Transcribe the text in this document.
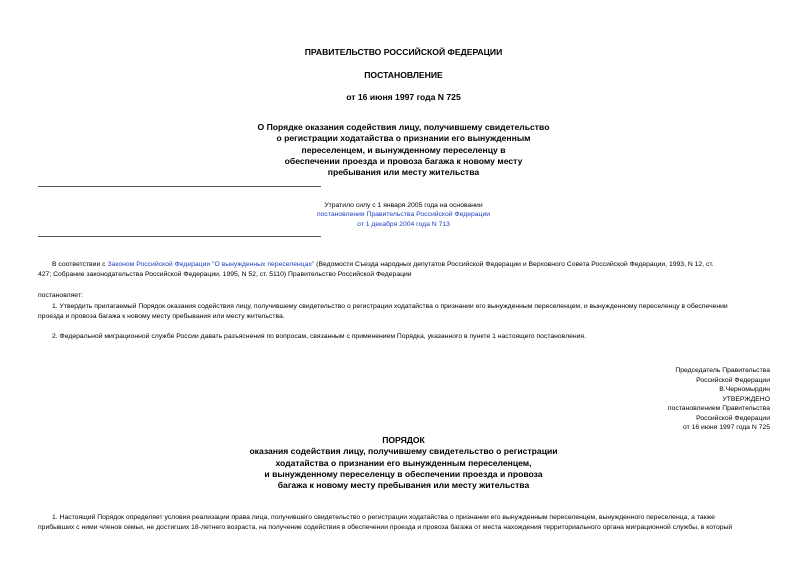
ПРАВИТЕЛЬСТВО РОССИЙСКОЙ ФЕДЕРАЦИИ
ПОСТАНОВЛЕНИЕ
от 16 июня 1997 года N 725
О Порядке оказания содействия лицу, получившему свидетельство
о регистрации ходатайства о признании его вынужденным
переселенцем, и вынужденному переселенцу в
обеспечении проезда и провоза багажа к новому месту
пребывания или месту жительства
Утратило силу с 1 января 2005 года на основании
постановления Правительства Российской Федерации
от 1 декабря 2004 года N 713
В соответствии с Законом Российской Федерации "О вынужденных переселенцах" (Ведомости Съезда народных депутатов Российской Федерации и Верховного Совета Российской Федерации, 1993, N 12, ст.
427; Собрание законодательства Российской Федерации, 1995, N 52, ст. 5110) Правительство Российской Федерации
постановляет:
1. Утвердить прилагаемый Порядок оказания содействия лицу, получившему свидетельство о регистрации ходатайства о признании его вынужденным переселенцем, и вынужденному переселенцу в обеспечении
проезда и провоза багажа к новому месту пребывания или месту жительства.
2. Федеральной миграционной службе России давать разъяснения по вопросам, связанным с применением Порядка, указанного в пункте 1 настоящего постановления.
Председатель Правительства
Российской Федерации
В.Черномырдин
УТВЕРЖДЕНО
постановлением Правительства
Российской Федерации
от 16 июня 1997 года N 725
ПОРЯДОК
оказания содействия лицу, получившему свидетельство о регистрации
ходатайства о признании его вынужденным переселенцем,
и вынужденному переселенцу в обеспечении проезда и провоза
багажа к новому месту пребывания или месту жительства
1. Настоящий Порядок определяет условия реализации права лица, получившего свидетельство о регистрации ходатайства о признании его вынужденным переселенцем, вынужденного переселенца, а также
прибывших с ними членов семьи, не достигших 18-летнего возраста, на получение содействия в обеспечении проезда и провоза багажа от места нахождения территориального органа миграционной службы, в который
